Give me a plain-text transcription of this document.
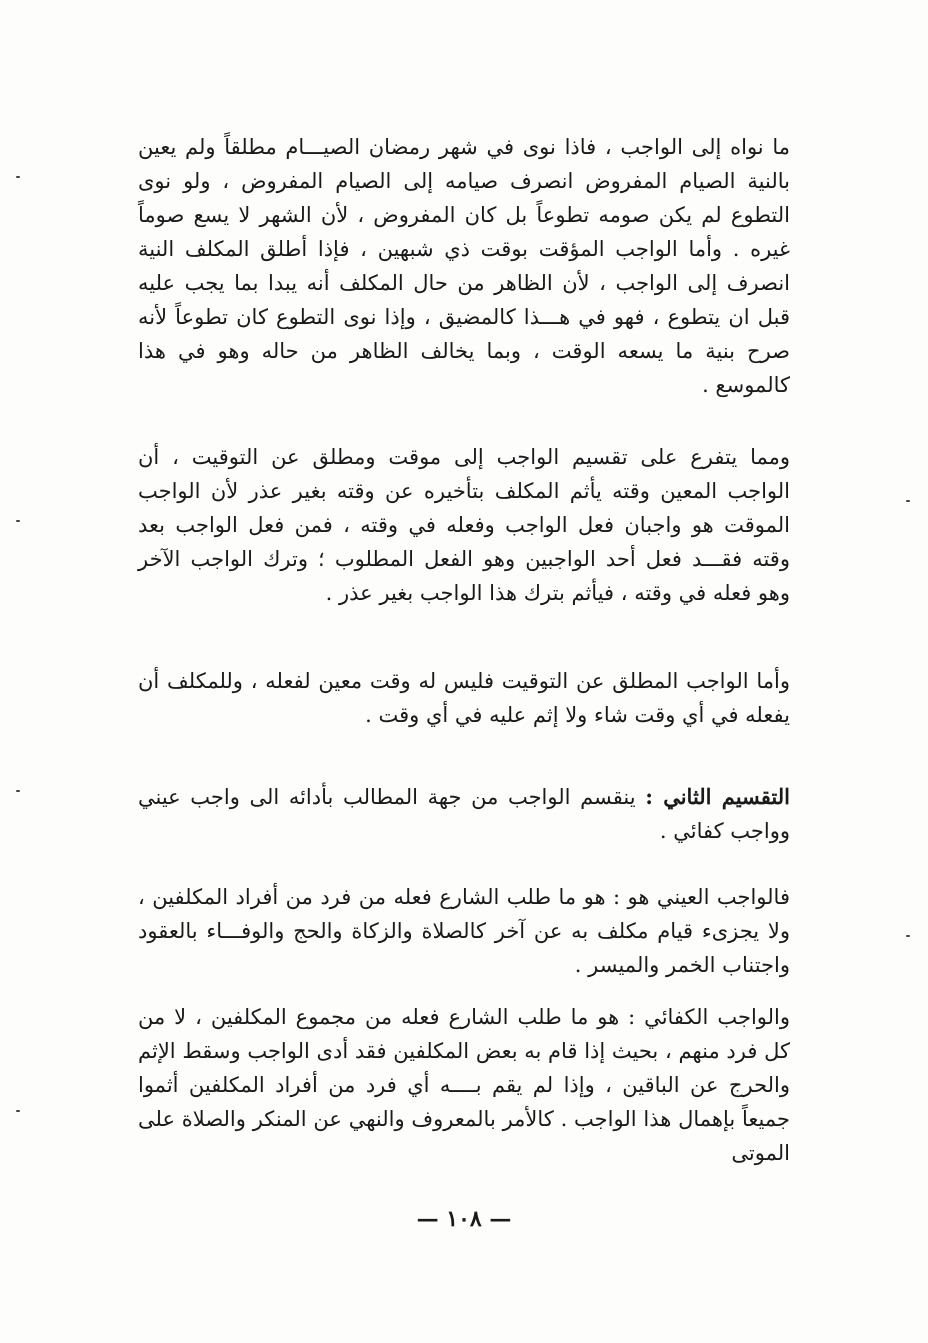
ما نواه إلى الواجب ، فاذا نوى في شهر رمضان الصيـــام مطلقاً ولم يعين بالنية الصيام المفروض انصرف صيامه إلى الصيام المفروض ، ولو نوى التطوع لم يكن صومه تطوعاً بل كان المفروض ، لأن الشهر لا يسع صوماً غيره . وأما الواجب المؤقت بوقت ذي شبهين ، فإذا أطلق المكلف النية انصرف إلى الواجب ، لأن الظاهر من حال المكلف أنه يبدا بما يجب عليه قبل ان يتطوع ، فهو في هـــذا كالمضيق ، وإذا نوى التطوع كان تطوعاً لأنه صرح بنية ما يسعه الوقت ، وبما يخالف الظاهر من حاله وهو في هذا كالموسع .

ومما يتفرع على تقسيم الواجب إلى موقت ومطلق عن التوقيت ، أن الواجب المعين وقته يأثم المكلف بتأخيره عن وقته بغير عذر لأن الواجب الموقت هو واجبان فعل الواجب وفعله في وقته ، فمن فعل الواجب بعد وقته فقـــد فعل أحد الواجبين وهو الفعل المطلوب ؛ وترك الواجب الآخر وهو فعله في وقته ، فيأثم بترك هذا الواجب بغير عذر .

وأما الواجب المطلق عن التوقيت فليس له وقت معين لفعله ، وللمكلف أن يفعله في أي وقت شاء ولا إثم عليه في أي وقت .

التقسيم الثاني : ينقسم الواجب من جهة المطالب بأدائه الى واجب عيني وواجب كفائي .

فالواجب العيني هو : هو ما طلب الشارع فعله من فرد من أفراد المكلفين ، ولا يجزىء قيام مكلف به عن آخر كالصلاة والزكاة والحج والوفـــاء بالعقود واجتناب الخمر والميسر .

والواجب الكفائي : هو ما طلب الشارع فعله من مجموع المكلفين ، لا من كل فرد منهم ، بحيث إذا قام به بعض المكلفين فقد أدى الواجب وسقط الإثم والحرج عن الباقين ، وإذا لم يقم بــــه أي فرد من أفراد المكلفين أثموا جميعاً بإهمال هذا الواجب . كالأمر بالمعروف والنهي عن المنكر والصلاة على الموتى

— ١٠٨ —
